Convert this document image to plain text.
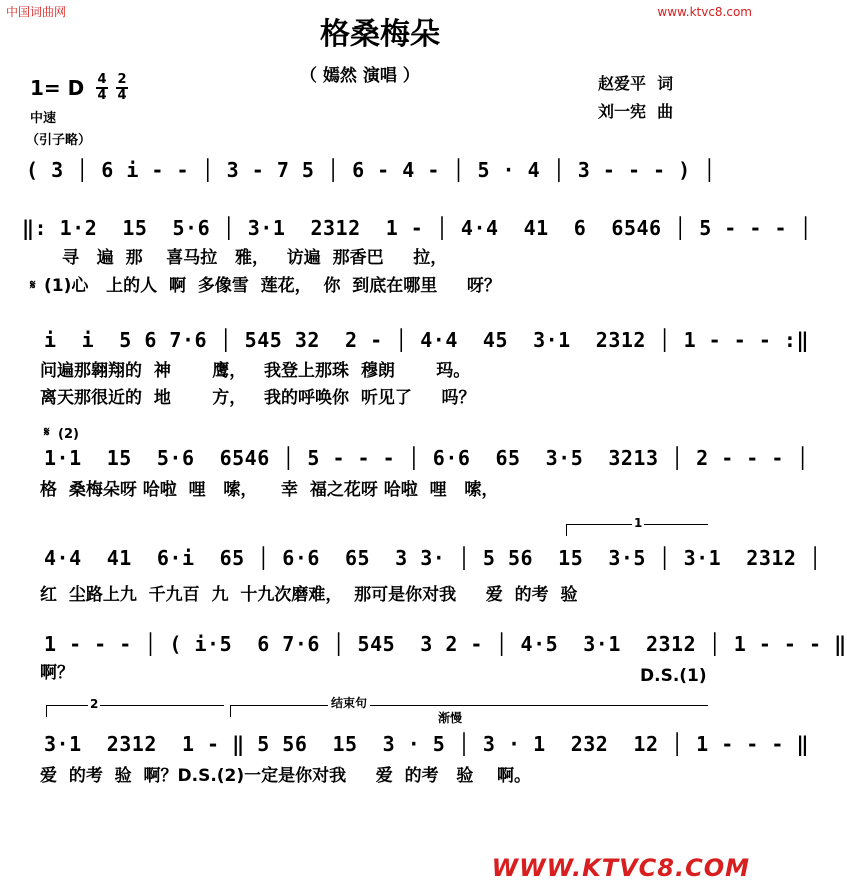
中国词曲网	www.ktvc8.com
格桑梅朵
（ 嫣然 演唱 ）	赵爱平  词
刘一宪  曲
1= D $\frac{4}{4} \frac{2}{4}$
中速
（引子略）
( 3 │ 6 i - - │ 3 - 7 5 │ 6 - 4 - │ 5 · 4 │ 3 - - - ) │
‖: 1·2  15  5·6 │ 3·1  2312  1 - │ 4·4  41  6  6546 │ 5 - - - │
寻   遍  那    喜马拉   雅，   访遍  那香巴     拉，
𝄋 (1)心   上的人  啊  多像雪  莲花，  你  到底在哪里     呀？
i  i  5 6 7·6 │ 545 32  2 - │ 4·4  45  3·1  2312 │ 1 - - - :‖
问遍那翱翔的  神       鹰，   我登上那珠  穆朗       玛。
离天那很近的  地       方，   我的呼唤你  听见了     吗？
𝄋 (2)
1·1  15  5·6  6546 │ 5 - - - │ 6·6  65  3·5  3213 │ 2 - - - │
格  桑梅朵呀 哈啦  哩   嗦，    幸  福之花呀 哈啦  哩   嗦，
1
4·4  41  6·i  65 │ 6·6  65  3 3· │ 5 56  15  3·5 │ 3·1  2312 │
红  尘路上九  千九百  九  十九次磨难，  那可是你对我     爱  的考  验
1 - - - │ ( i·5  6 7·6 │ 545  3 2 - │ 4·5  3·1  2312 │ 1 - - - ‖
啊？	D.S.(1)
2	结束句
渐慢
3·1  2312  1 - ‖ 5 56  15  3 · 5 │ 3 · 1  232  12 │ 1 - - - ‖
爱  的考  验  啊？D.S.(2)一定是你对我     爱  的考   验    啊。
WWW.KTVC8.COM
